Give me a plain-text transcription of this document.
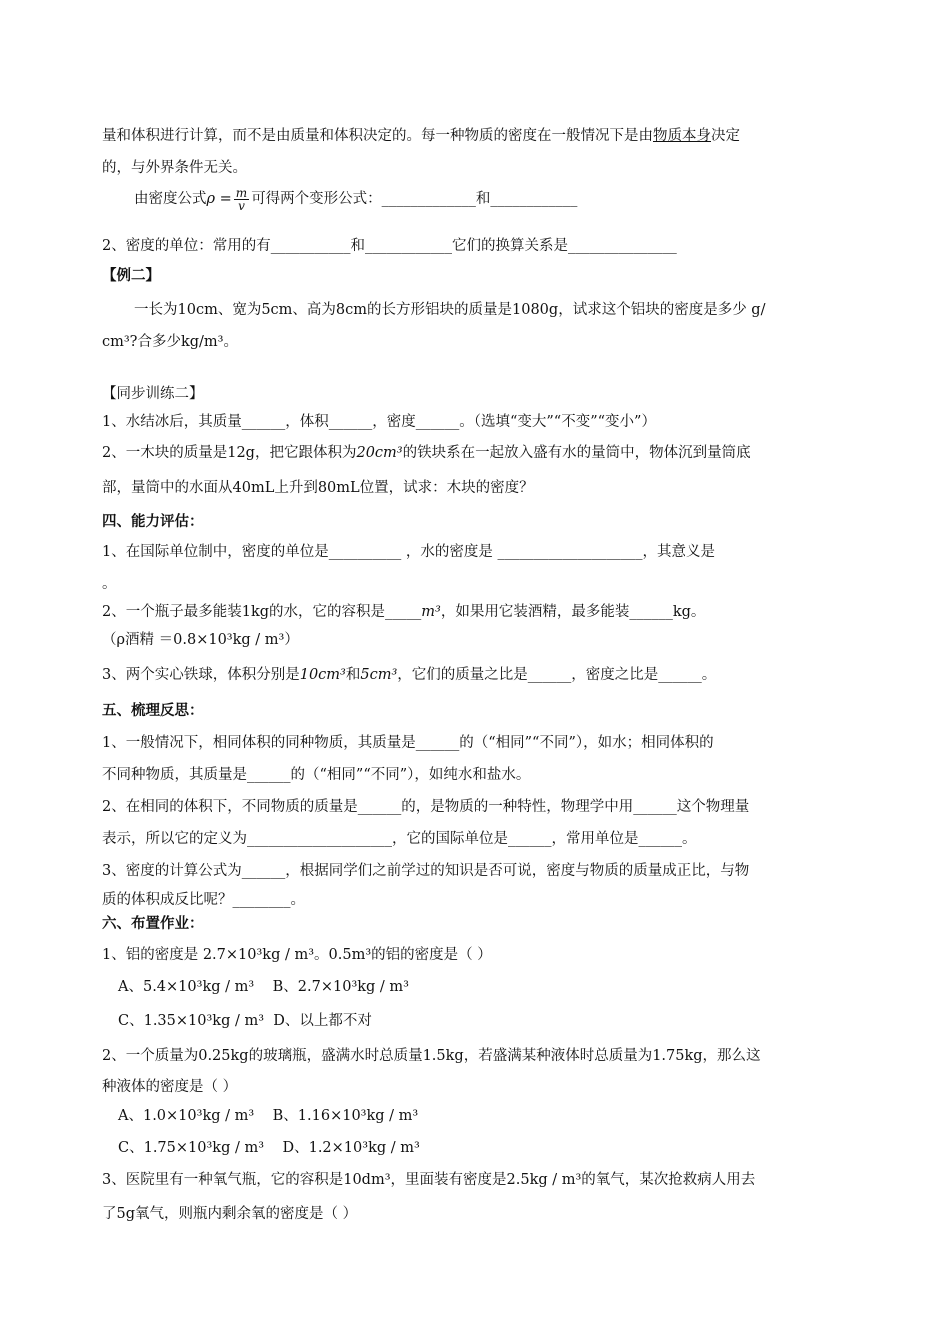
量和体积进行计算，而不是由质量和体积决定的。每一种物质的密度在一般情况下是由物质本身决定
的，与外界条件无关。
由密度公式$\rho = \frac{m}{v}$ 可得两个变形公式：_____________和____________
2、密度的单位：常用的有___________和____________它们的换算关系是_______________
【例二】
一长为10cm、宽为5cm、高为8cm的长方形铝块的质量是1080g，试求这个铝块的密度是多少 g/
cm³?合多少kg/m³。
【同步训练二】
1、水结冰后，其质量______，体积______，密度______。（选填“变大”“不变”“变小”）
2、一木块的质量是12g，把它跟体积为20cm³的铁块系在一起放入盛有水的量筒中，物体沉到量筒底
部，量筒中的水面从40mL上升到80mL位置，试求：木块的密度？
四、能力评估：
1、在国际单位制中，密度的单位是__________ ，水的密度是 ____________________，其意义是
。
2、一个瓶子最多能装1kg的水，它的容积是_____m³，如果用它装酒精，最多能装______kg。
（ρ酒精 ＝0.8×10³kg / m³）
3、两个实心铁球，体积分别是10cm³和5cm³，它们的质量之比是______，密度之比是______。
五、梳理反思：
1、一般情况下，相同体积的同种物质，其质量是______的（“相同”“不同”），如水；相同体积的
不同种物质，其质量是______的（“相同”“不同”），如纯水和盐水。
2、在相同的体积下，不同物质的质量是______的，是物质的一种特性，物理学中用______这个物理量
表示，所以它的定义为____________________，它的国际单位是______，常用单位是______。
3、密度的计算公式为______，根据同学们之前学过的知识是否可说，密度与物质的质量成正比，与物
质的体积成反比呢？________。
六、布置作业：
1、铝的密度是 2.7×10³kg / m³。0.5m³的铝的密度是（ ）
A、5.4×10³kg / m³ B、2.7×10³kg / m³
C、1.35×10³kg / m³ D、以上都不对
2、一个质量为0.25kg的玻璃瓶，盛满水时总质量1.5kg，若盛满某种液体时总质量为1.75kg，那么这
种液体的密度是（ ）
A、1.0×10³kg / m³ B、1.16×10³kg / m³
C、1.75×10³kg / m³ D、1.2×10³kg / m³
3、医院里有一种氧气瓶，它的容积是10dm³，里面装有密度是2.5kg / m³的氧气，某次抢救病人用去
了5g氧气，则瓶内剩余氧的密度是（ ）
